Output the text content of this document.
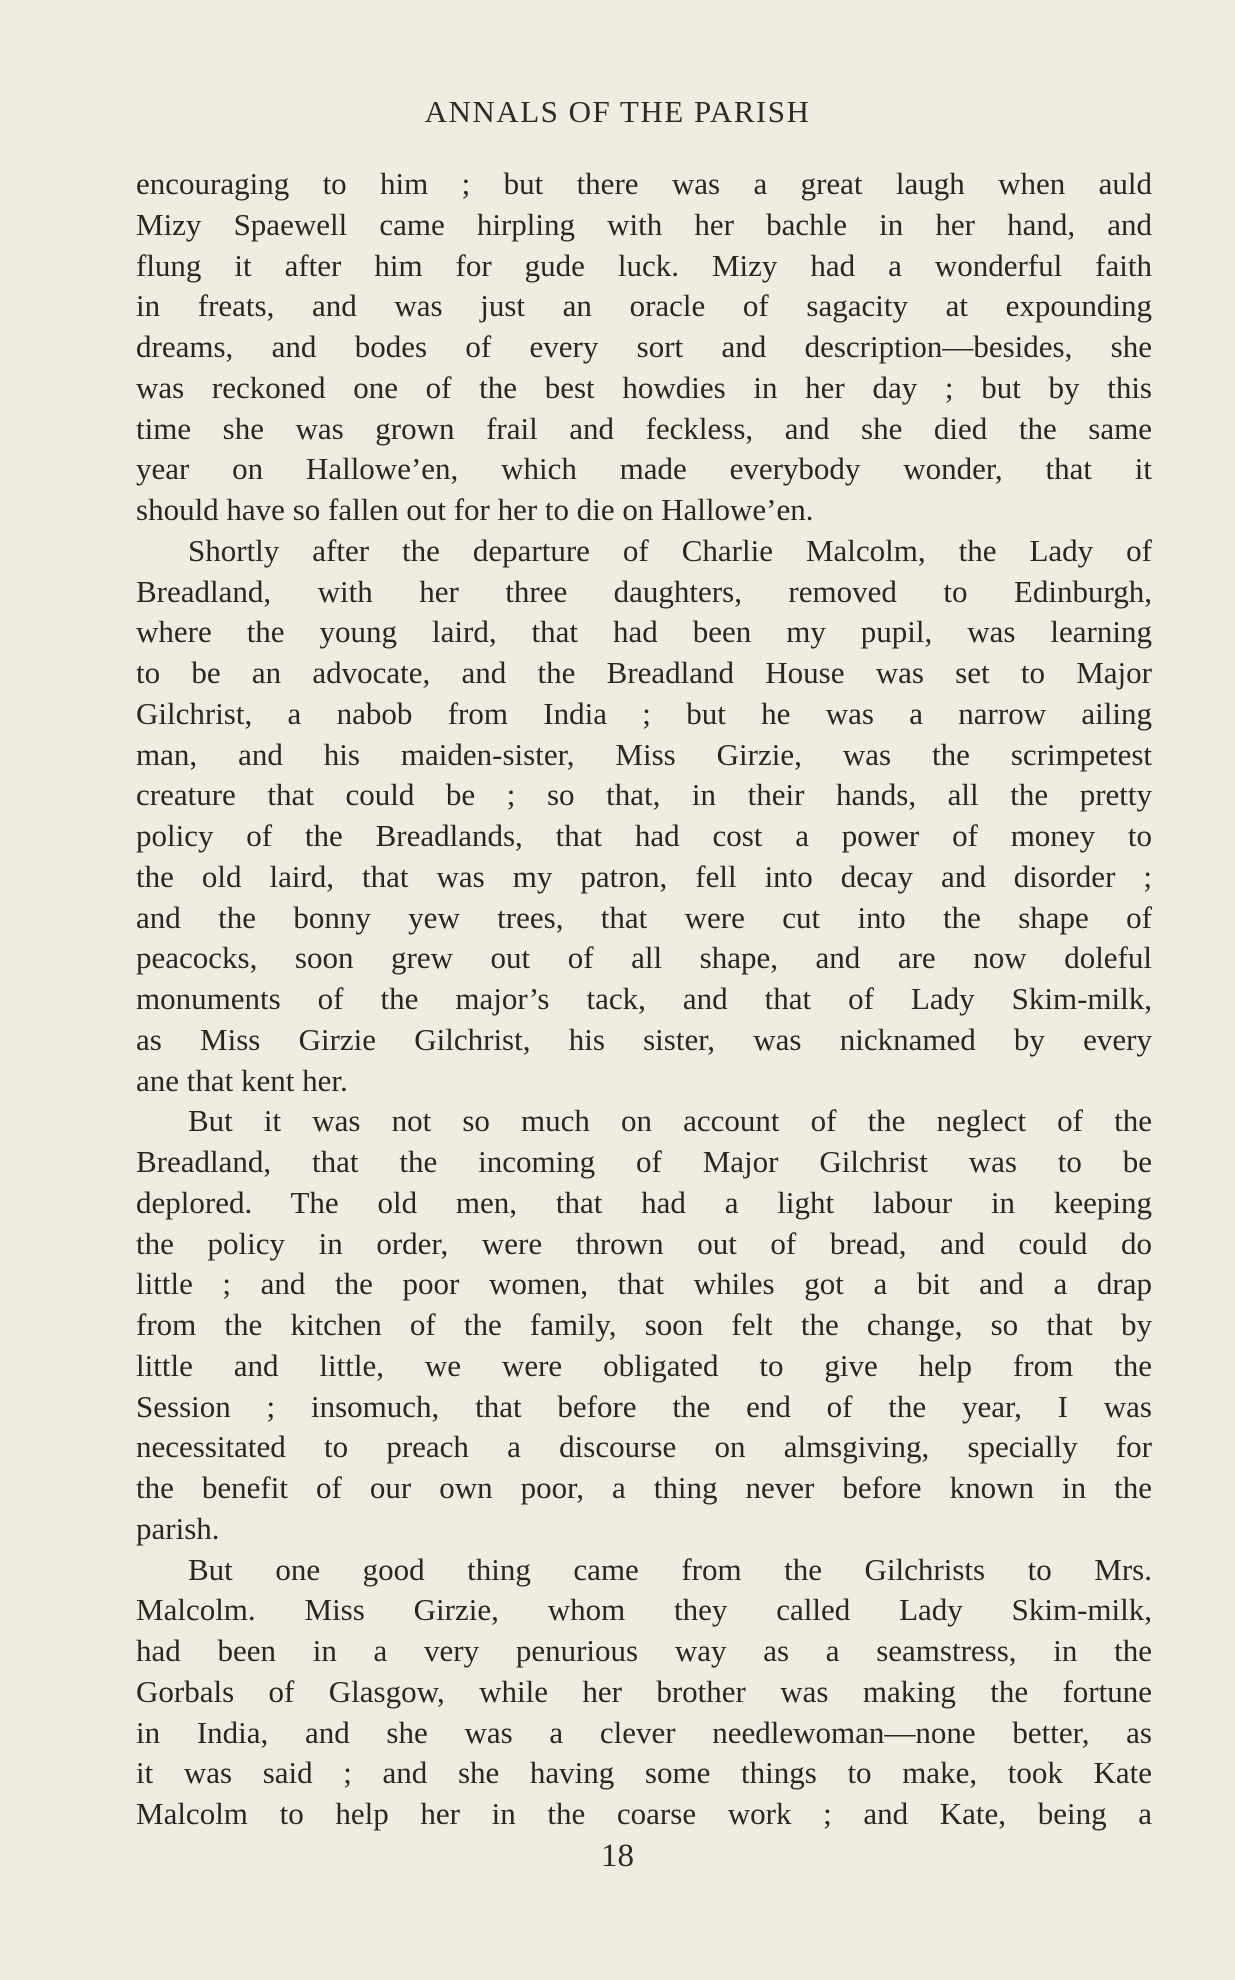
ANNALS OF THE PARISH
encouraging to him ; but there was a great laugh when auld
Mizy Spaewell came hirpling with her bachle in her hand, and
flung it after him for gude luck. Mizy had a wonderful faith
in freats, and was just an oracle of sagacity at expounding
dreams, and bodes of every sort and description—besides, she
was reckoned one of the best howdies in her day ; but by this
time she was grown frail and feckless, and she died the same
year on Hallowe’en, which made everybody wonder, that it
should have so fallen out for her to die on Hallowe’en.
Shortly after the departure of Charlie Malcolm, the Lady of
Breadland, with her three daughters, removed to Edinburgh,
where the young laird, that had been my pupil, was learning
to be an advocate, and the Breadland House was set to Major
Gilchrist, a nabob from India ; but he was a narrow ailing
man, and his maiden-sister, Miss Girzie, was the scrimpetest
creature that could be ; so that, in their hands, all the pretty
policy of the Breadlands, that had cost a power of money to
the old laird, that was my patron, fell into decay and disorder ;
and the bonny yew trees, that were cut into the shape of
peacocks, soon grew out of all shape, and are now doleful
monuments of the major’s tack, and that of Lady Skim-milk,
as Miss Girzie Gilchrist, his sister, was nicknamed by every
ane that kent her.
But it was not so much on account of the neglect of the
Breadland, that the incoming of Major Gilchrist was to be
deplored. The old men, that had a light labour in keeping
the policy in order, were thrown out of bread, and could do
little ; and the poor women, that whiles got a bit and a drap
from the kitchen of the family, soon felt the change, so that by
little and little, we were obligated to give help from the
Session ; insomuch, that before the end of the year, I was
necessitated to preach a discourse on almsgiving, specially for
the benefit of our own poor, a thing never before known in the
parish.
But one good thing came from the Gilchrists to Mrs.
Malcolm. Miss Girzie, whom they called Lady Skim-milk,
had been in a very penurious way as a seamstress, in the
Gorbals of Glasgow, while her brother was making the fortune
in India, and she was a clever needlewoman—none better, as
it was said ; and she having some things to make, took Kate
Malcolm to help her in the coarse work ; and Kate, being a
18
